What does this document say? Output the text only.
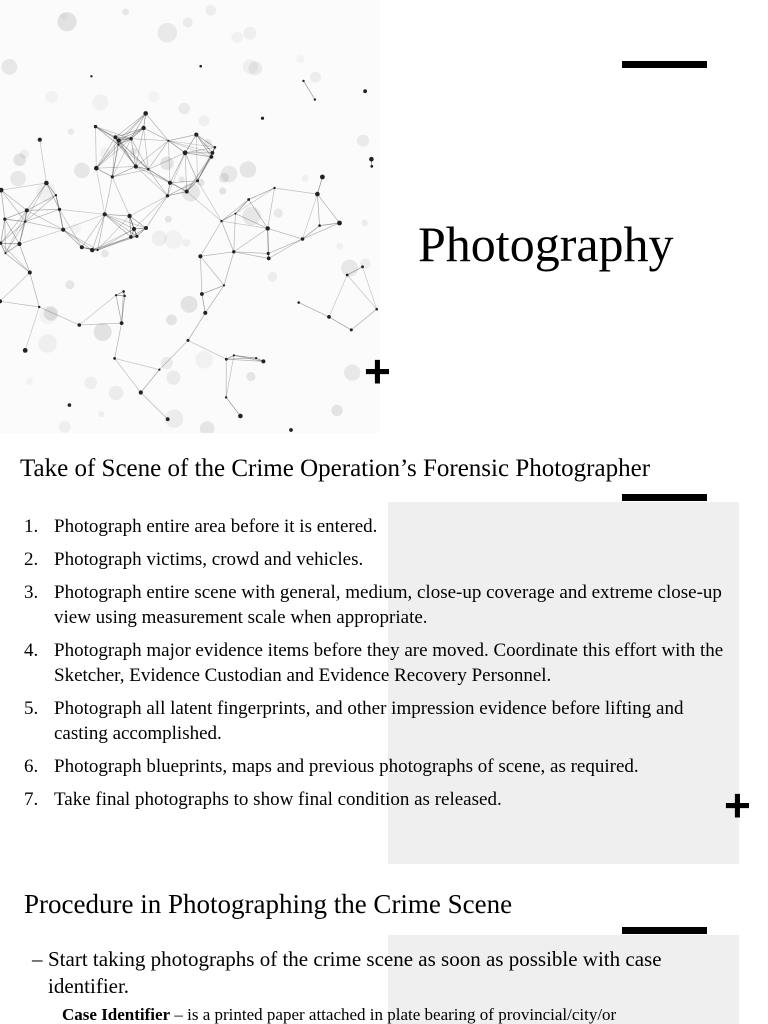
Photography
+
Take of Scene of the Crime Operation’s Forensic Photographer
1. Photograph entire area before it is entered.
2. Photograph victims, crowd and vehicles.
3. Photograph entire scene with general, medium, close-up coverage and extreme close-up view using measurement scale when appropriate.
4. Photograph major evidence items before they are moved. Coordinate this effort with the Sketcher, Evidence Custodian and Evidence Recovery Personnel.
5. Photograph all latent fingerprints, and other impression evidence before lifting and casting accomplished.
6. Photograph blueprints, maps and previous photographs of scene, as required.
7. Take final photographs to show final condition as released.	+
Procedure in Photographing the Crime Scene
– Start taking photographs of the crime scene as soon as possible with case identifier.
Case Identifier – is a printed paper attached in plate bearing of provincial/city/or
